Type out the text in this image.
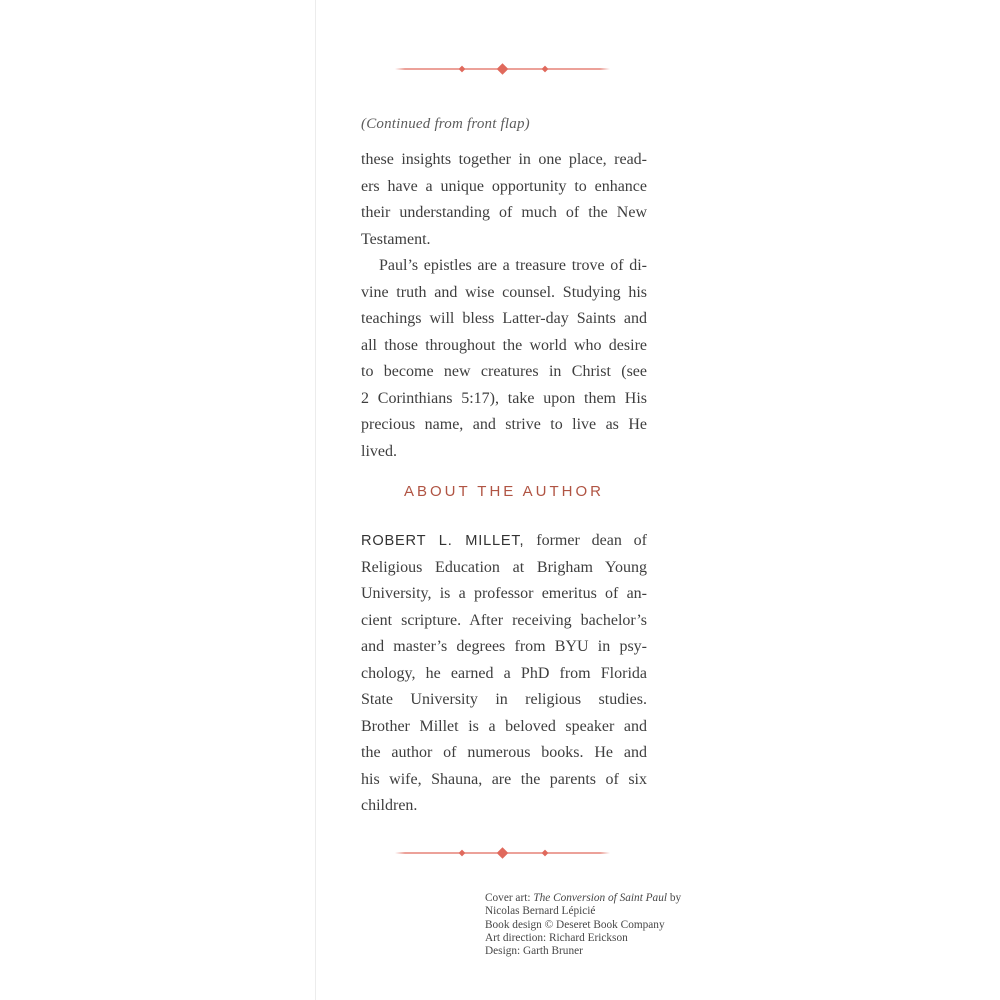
(Continued from front flap)
these insights together in one place, read-
ers have a unique opportunity to enhance
their understanding of much of the New
Testament.
Paul’s epistles are a treasure trove of di-
vine truth and wise counsel. Studying his
teachings will bless Latter-day Saints and
all those throughout the world who desire
to become new creatures in Christ (see
2 Corinthians 5:17), take upon them His
precious name, and strive to live as He
lived.
ABOUT THE AUTHOR
ROBERT L. MILLET, former dean of
Religious Education at Brigham Young
University, is a professor emeritus of an-
cient scripture. After receiving bachelor’s
and master’s degrees from BYU in psy-
chology, he earned a PhD from Florida
State University in religious studies.
Brother Millet is a beloved speaker and
the author of numerous books. He and
his wife, Shauna, are the parents of six
children.
Cover art: The Conversion of Saint Paul by
Nicolas Bernard Lépicié
Book design © Deseret Book Company
Art direction: Richard Erickson
Design: Garth Bruner
